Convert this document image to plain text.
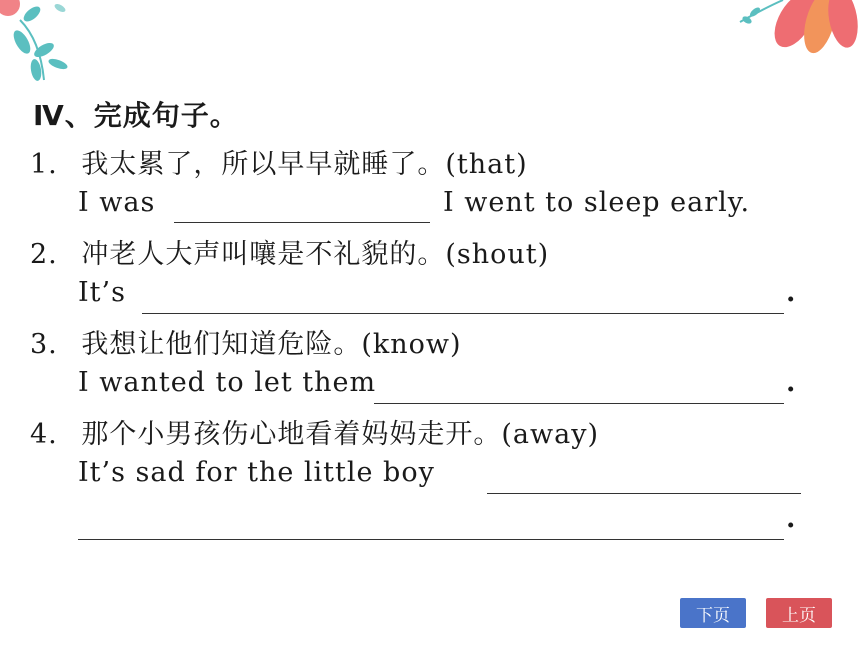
Ⅳ、完成句子。
1. 我太累了，所以早早就睡了。(that)
I was	I went to sleep early.
2. 冲老人大声叫嚷是不礼貌的。(shout)
It’s	.
3. 我想让他们知道危险。(know)
I wanted to let them	.
4. 那个小男孩伤心地看着妈妈走开。(away)
It’s sad for the little boy
.
下页	上页
